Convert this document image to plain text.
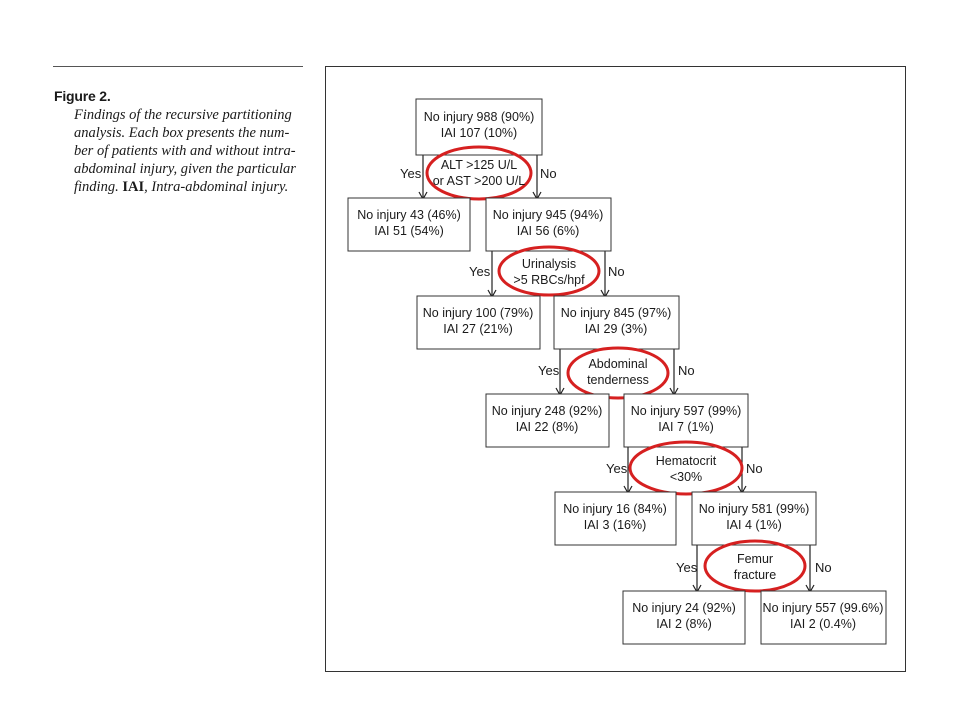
Figure 2.
Findings of the recursive partitioning
analysis. Each box presents the num-
ber of patients with and without intra-
abdominal injury, given the particular
finding. IAI, Intra-abdominal injury.
No injury 988 (90%)
IAI 107 (10%)
ALT >125 U/L
or AST >200 U/L
Yes	No
No injury 43 (46%)
IAI 51 (54%)
No injury 945 (94%)
IAI 56 (6%)
Urinalysis
>5 RBCs/hpf
Yes	No
No injury 100 (79%)
IAI 27 (21%)
No injury 845 (97%)
IAI 29 (3%)
Abdominal
tenderness
Yes	No
No injury 248 (92%)
IAI 22 (8%)
No injury 597 (99%)
IAI 7 (1%)
Hematocrit
<30%
Yes	No
No injury 16 (84%)
IAI 3 (16%)
No injury 581 (99%)
IAI 4 (1%)
Femur
fracture
Yes	No
No injury 24 (92%)
IAI 2 (8%)
No injury 557 (99.6%)
IAI 2 (0.4%)
